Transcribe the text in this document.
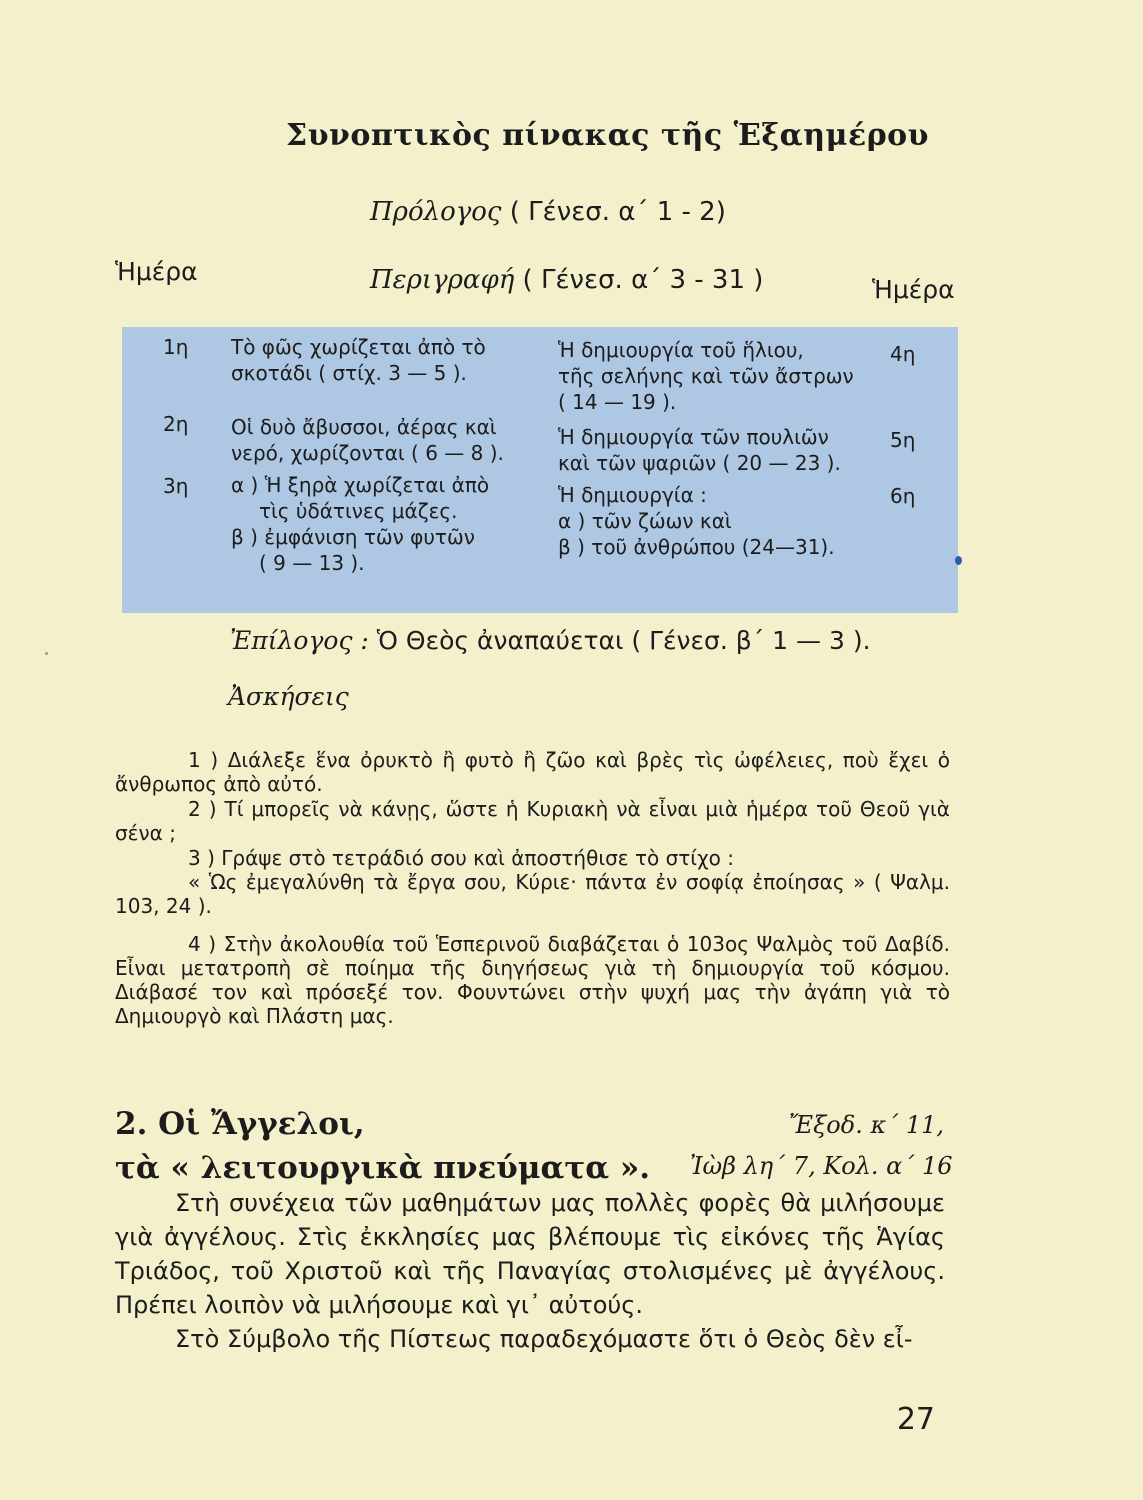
Συνοπτικὸς πίνακας τῆς Ἑξαημέρου
Πρόλογος ( Γένεσ. α΄ 1 - 2)
Ἡμέρα	Περιγραφή ( Γένεσ. α΄ 3 - 31 )	Ἡμέρα
1η Τὸ φῶς χωρίζεται ἀπὸ τὸ
σκοτάδι ( στίχ. 3 — 5 ).
2η Οἱ δυὸ ἄβυσσοι, ἀέρας καὶ
νερό, χωρίζονται ( 6 — 8 ).
3η α ) Ἡ ξηρὰ χωρίζεται ἀπὸ
τὶς ὑδάτινες μάζες.
β ) ἐμφάνιση τῶν φυτῶν
( 9 — 13 ).
Ἡ δημιουργία τοῦ ἥλιου,
τῆς σελήνης καὶ τῶν ἄστρων
( 14 — 19 ).
4η
Ἡ δημιουργία τῶν πουλιῶν
καὶ τῶν ψαριῶν ( 20 — 23 ).
5η
Ἡ δημιουργία :
α ) τῶν ζώων καὶ
β ) τοῦ ἀνθρώπου (24—31).
6η
Ἐπίλογος : Ὁ Θεὸς ἀναπαύεται ( Γένεσ. β΄ 1 — 3 ).
Ἀσκήσεις

1 ) Διάλεξε ἕνα ὀρυκτὸ ἢ φυτὸ ἢ ζῶο καὶ βρὲς τὶς ὠφέλειες, ποὺ ἔχει ὁ ἄνθρωπος ἀπὸ αὐτό.

2 ) Τί μπορεῖς νὰ κάνῃς, ὥστε ἡ Κυριακὴ νὰ εἶναι μιὰ ἡμέρα τοῦ Θεοῦ γιὰ σένα ;

3 ) Γράψε στὸ τετράδιό σου καὶ ἀποστήθισε τὸ στίχο :

« Ὡς ἐμεγαλύνθη τὰ ἔργα σου, Κύριε· πάντα ἐν σοφίᾳ ἐποίησας » ( Ψαλμ. 103, 24 ).

4 ) Στὴν ἀκολουθία τοῦ Ἑσπερινοῦ διαβάζεται ὁ 103ος Ψαλμὸς τοῦ Δαβίδ. Εἶναι μετατροπὴ σὲ ποίημα τῆς διηγήσεως γιὰ τὴ δημιουργία τοῦ κόσμου. Διάβασέ τον καὶ πρόσεξέ τον. Φουντώνει στὴν ψυχή μας τὴν ἀγάπη γιὰ τὸ Δημιουργὸ καὶ Πλάστη μας.

2. Οἱ Ἄγγελοι,
τὰ « λειτουργικὰ πνεύματα ».
Ἔξοδ. κ΄ 11,
Ἰὼβ λη΄ 7, Κολ. α΄ 16

Στὴ συνέχεια τῶν μαθημάτων μας πολλὲς φορὲς θὰ μιλήσουμε γιὰ ἀγγέλους. Στὶς ἐκκλησίες μας βλέπουμε τὶς εἰκόνες τῆς Ἁγίας Τριάδος, τοῦ Χριστοῦ καὶ τῆς Παναγίας στολισμένες μὲ ἀγγέλους. Πρέπει λοιπὸν νὰ μιλήσουμε καὶ γι᾽ αὐτούς.

Στὸ Σύμβολο τῆς Πίστεως παραδεχόμαστε ὅτι ὁ Θεὸς δὲν εἶ-

27
